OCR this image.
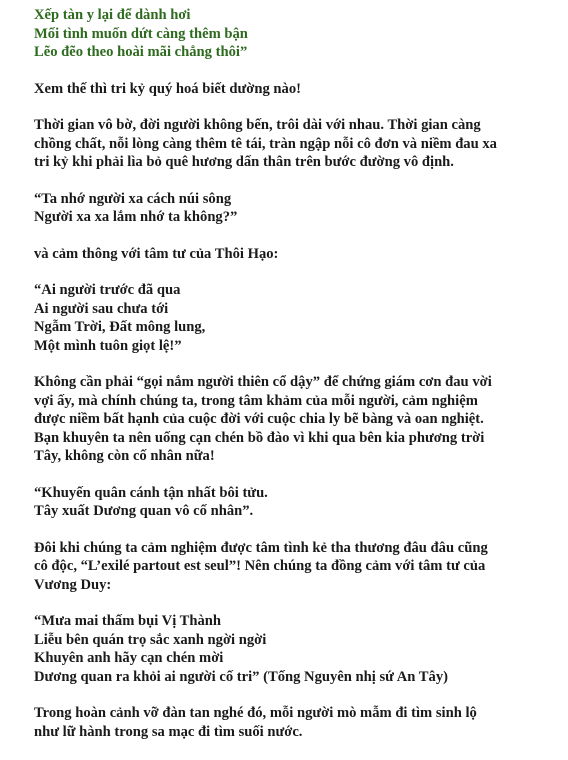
Xếp tàn y lại để dành hơi
Mối tình muốn dứt càng thêm bận
Lẽo đẽo theo hoài mãi chẳng thôi”
Xem thế thì tri kỷ quý hoá biết dường nào!
Thời gian vô bờ, đời người không bến, trôi dài với nhau. Thời gian càng
chồng chất, nỗi lòng càng thêm tê tái, tràn ngập nỗi cô đơn và niềm đau xa
tri kỷ khi phải lìa bỏ quê hương dấn thân trên bước đường vô định.
“Ta nhớ người xa cách núi sông
Người xa xa lắm nhớ ta không?”
và cảm thông với tâm tư của Thôi Hạo:
“Ai người trước đã qua
Ai người sau chưa tới
Ngẫm Trời, Đất mông lung,
Một mình tuôn giọt lệ!”
Không cần phải “gọi nắm người thiên cổ dậy” để chứng giám cơn đau vời
vợi ấy, mà chính chúng ta, trong tâm khảm của mỗi người, cảm nghiệm
được niềm bất hạnh của cuộc đời với cuộc chia ly bẽ bàng và oan nghiệt.
Bạn khuyên ta nên uống cạn chén bồ đào vì khi qua bên kia phương trời
Tây, không còn cố nhân nữa!
“Khuyến quân cánh tận nhất bôi tửu.
Tây xuất Dương quan vô cố nhân”.
Đôi khi chúng ta cảm nghiệm được tâm tình kẻ tha thương đâu đâu cũng
cô độc, “L’exilé partout est seul”! Nên chúng ta đồng cảm với tâm tư của
Vương Duy:
“Mưa mai thấm bụi Vị Thành
Liễu bên quán trọ sắc xanh ngời ngời
Khuyên anh hãy cạn chén mời
Dương quan ra khỏi ai người cố tri” (Tống Nguyên nhị sứ An Tây)
Trong hoàn cảnh vỡ đàn tan nghé đó, mỗi người mò mẫm đi tìm sinh lộ
như lữ hành trong sa mạc đi tìm suối nước.
